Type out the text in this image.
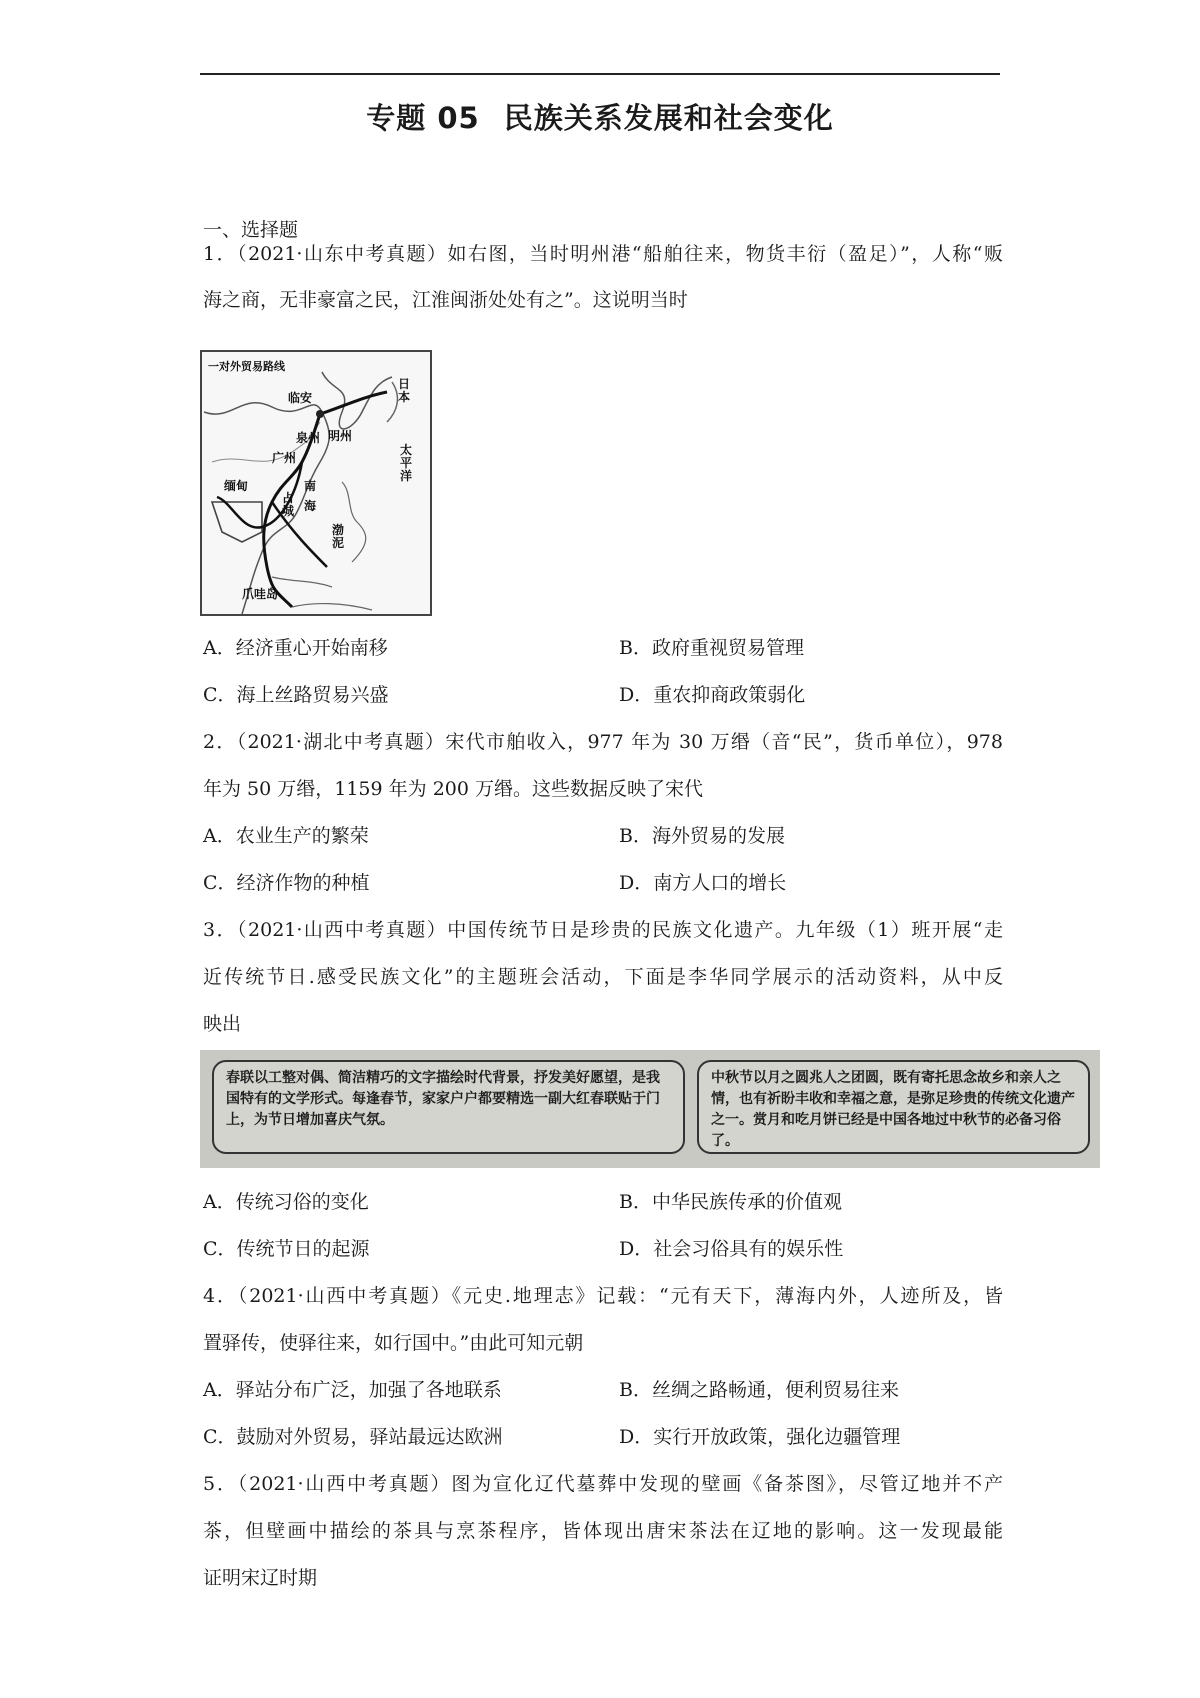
专题 05 民族关系发展和社会变化
一、选择题
1．（2021·山东中考真题）如右图，当时明州港“船舶往来，物货丰衍（盈足）”，人称“贩
海之商，无非豪富之民，江淮闽浙处处有之”。这说明当时
一对外贸易路线
临安
明州
泉州
广州
南
海
太平洋
日本
缅甸
占城
渤泥
爪哇岛
A．经济重心开始南移	B．政府重视贸易管理
C．海上丝路贸易兴盛	D．重农抑商政策弱化
2．（2021·湖北中考真题）宋代市舶收入，977 年为 30 万缗（音“民”，货币单位），978
年为 50 万缗，1159 年为 200 万缗。这些数据反映了宋代
A．农业生产的繁荣	B．海外贸易的发展
C．经济作物的种植	D．南方人口的增长
3．（2021·山西中考真题）中国传统节日是珍贵的民族文化遗产。九年级（1）班开展“走
近传统节日.感受民族文化”的主题班会活动，下面是李华同学展示的活动资料，从中反
映出
春联以工整对偶、简洁精巧的文字描绘时代背景，抒发美好愿望，是我国特有的文学形式。每逢春节，家家户户都要精选一副大红春联贴于门上，为节日增加喜庆气氛。
中秋节以月之圆兆人之团圆，既有寄托思念故乡和亲人之情，也有祈盼丰收和幸福之意，是弥足珍贵的传统文化遗产之一。赏月和吃月饼已经是中国各地过中秋节的必备习俗了。
A．传统习俗的变化	B．中华民族传承的价值观
C．传统节日的起源	D．社会习俗具有的娱乐性
4．（2021·山西中考真题）《元史.地理志》记载：“元有天下，薄海内外，人迹所及，皆
置驿传，使驿往来，如行国中。”由此可知元朝
A．驿站分布广泛，加强了各地联系	B．丝绸之路畅通，便利贸易往来
C．鼓励对外贸易，驿站最远达欧洲	D．实行开放政策，强化边疆管理
5．（2021·山西中考真题）图为宣化辽代墓葬中发现的壁画《备茶图》，尽管辽地并不产
茶，但壁画中描绘的茶具与烹茶程序，皆体现出唐宋茶法在辽地的影响。这一发现最能
证明宋辽时期
